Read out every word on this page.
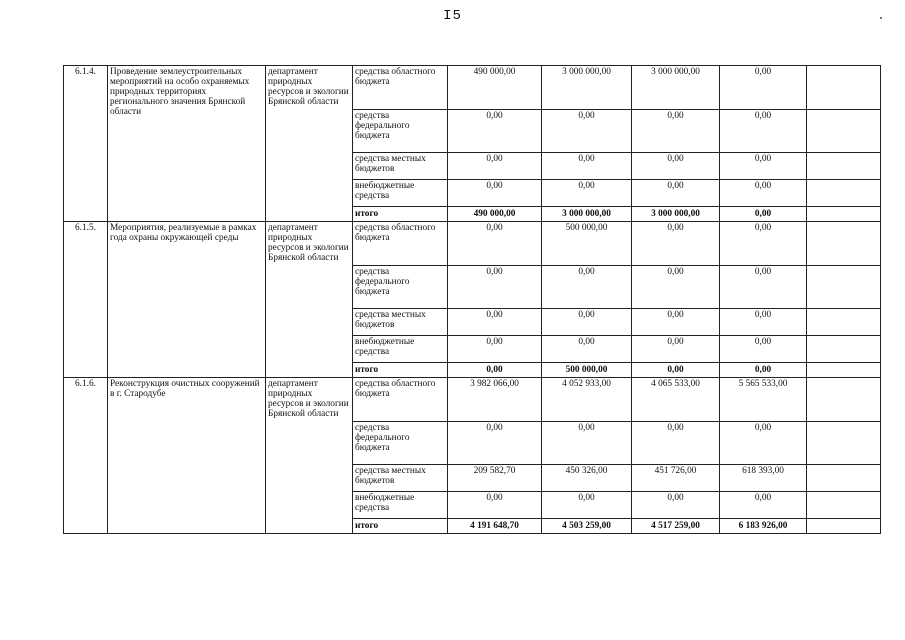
I5
6.1.4.	Проведение землеустроительных мероприятий на особо охраняемых природных территориях регионального значения Брянской области	департамент природных ресурсов и экологии Брянской области	средства областного бюджета	490 000,00	3 000 000,00	3 000 000,00	0,00	
			средства федерального бюджета	0,00	0,00	0,00	0,00	
			средства местных бюджетов	0,00	0,00	0,00	0,00	
			внебюджетные средства	0,00	0,00	0,00	0,00	
			итого	490 000,00	3 000 000,00	3 000 000,00	0,00	
6.1.5.	Мероприятия, реализуемые в рамках года охраны окружающей среды	департамент природных ресурсов и экологии Брянской области	средства областного бюджета	0,00	500 000,00	0,00	0,00	
			средства федерального бюджета	0,00	0,00	0,00	0,00	
			средства местных бюджетов	0,00	0,00	0,00	0,00	
			внебюджетные средства	0,00	0,00	0,00	0,00	
			итого	0,00	500 000,00	0,00	0,00	
6.1.6.	Реконструкция очистных сооружений в г. Стародубе	департамент природных ресурсов и экологии Брянской области	средства областного бюджета	3 982 066,00	4 052 933,00	4 065 533,00	5 565 533,00	
			средства федерального бюджета	0,00	0,00	0,00	0,00	
			средства местных бюджетов	209 582,70	450 326,00	451 726,00	618 393,00	
			внебюджетные средства	0,00	0,00	0,00	0,00	
			итого	4 191 648,70	4 503 259,00	4 517 259,00	6 183 926,00	
